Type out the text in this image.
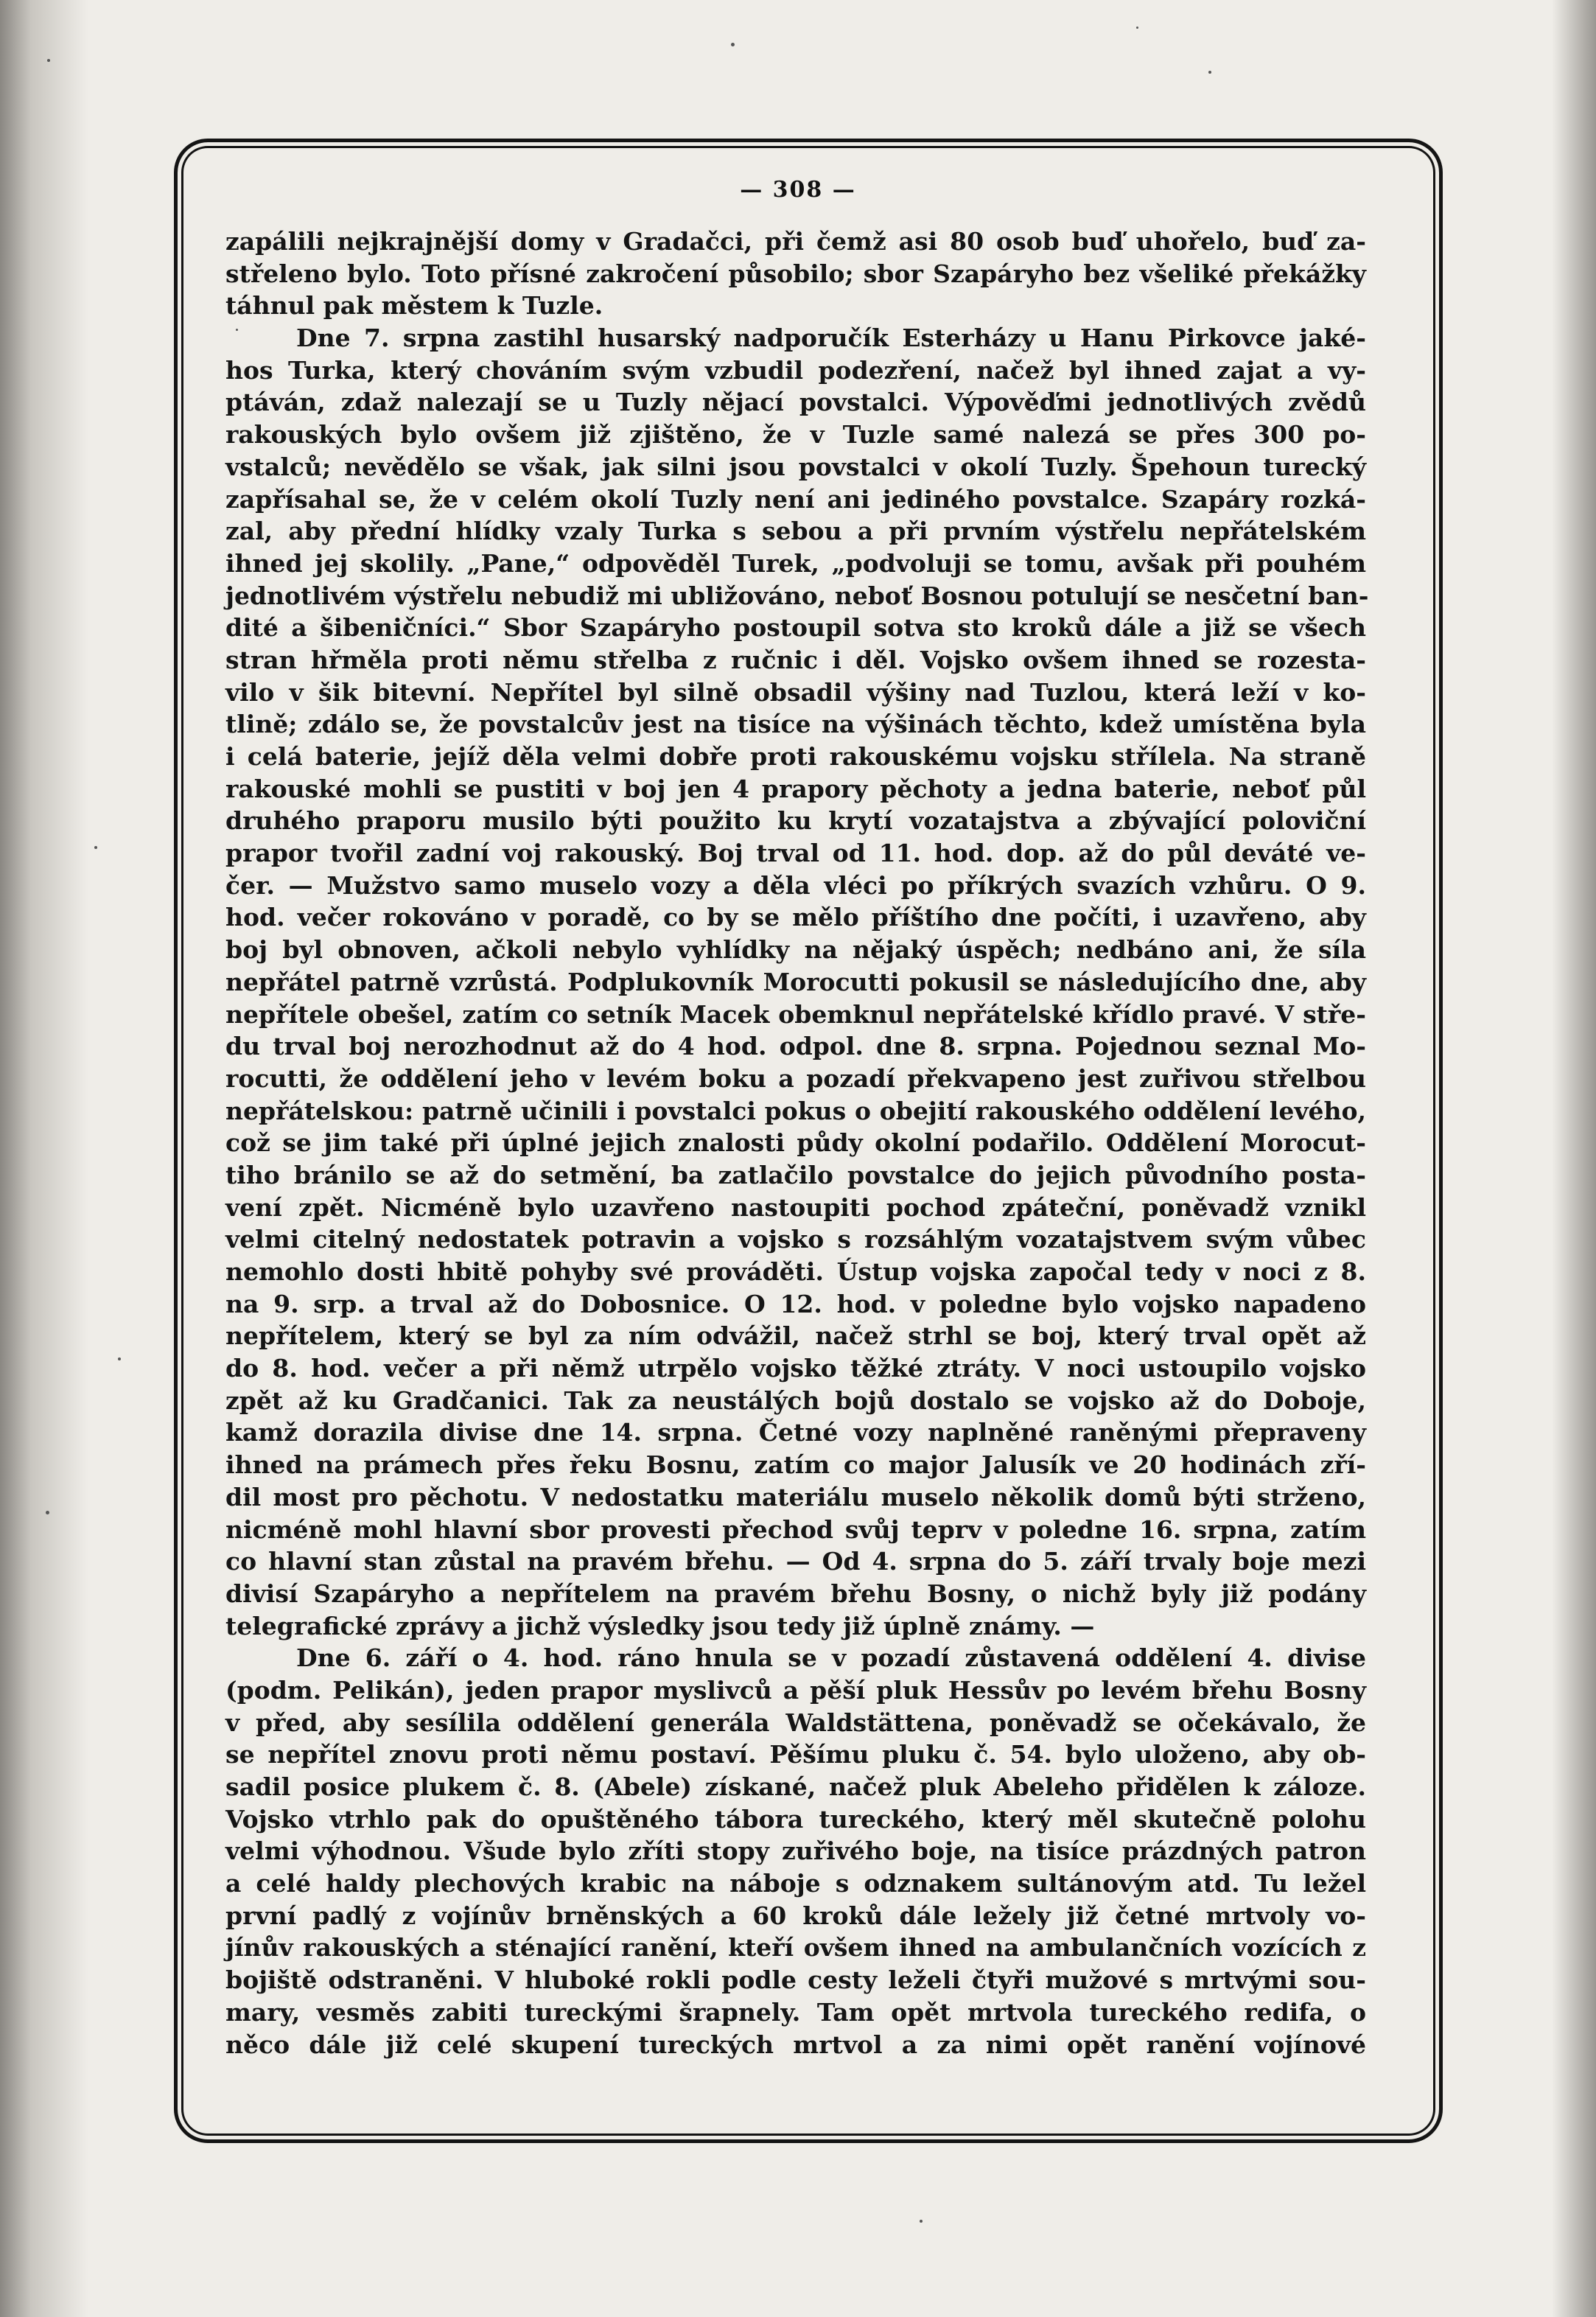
— 308 —
zapálili nejkrajnější domy v Gradačci, při čemž asi 80 osob buď uhořelo, buď za-
střeleno bylo. Toto přísné zakročení působilo; sbor Szapáryho bez všeliké překážky
táhnul pak městem k Tuzle.
Dne 7. srpna zastihl husarský nadporučík Esterházy u Hanu Pirkovce jaké-
hos Turka, který chováním svým vzbudil podezření, načež byl ihned zajat a vy-
ptáván, zdaž nalezají se u Tuzly nějací povstalci. Výpověďmi jednotlivých zvědů
rakouských bylo ovšem již zjištěno, že v Tuzle samé nalezá se přes 300 po-
vstalců; nevědělo se však, jak silni jsou povstalci v okolí Tuzly. Špehoun turecký
zapřísahal se, že v celém okolí Tuzly není ani jediného povstalce. Szapáry rozká-
zal, aby přední hlídky vzaly Turka s sebou a při prvním výstřelu nepřátelském
ihned jej skolily. „Pane,“ odpověděl Turek, „podvoluji se tomu, avšak při pouhém
jednotlivém výstřelu nebudiž mi ubližováno, neboť Bosnou potulují se nesčetní ban-
dité a šibeničníci.“ Sbor Szapáryho postoupil sotva sto kroků dále a již se všech
stran hřměla proti němu střelba z ručnic i děl. Vojsko ovšem ihned se rozesta-
vilo v šik bitevní. Nepřítel byl silně obsadil výšiny nad Tuzlou, která leží v ko-
tlině; zdálo se, že povstalcův jest na tisíce na výšinách těchto, kdež umístěna byla
i celá baterie, jejíž děla velmi dobře proti rakouskému vojsku střílela. Na straně
rakouské mohli se pustiti v boj jen 4 prapory pěchoty a jedna baterie, neboť půl
druhého praporu musilo býti použito ku krytí vozatajstva a zbývající poloviční
prapor tvořil zadní voj rakouský. Boj trval od 11. hod. dop. až do půl deváté ve-
čer. — Mužstvo samo muselo vozy a děla vléci po příkrých svazích vzhůru. O 9.
hod. večer rokováno v poradě, co by se mělo příštího dne počíti, i uzavřeno, aby
boj byl obnoven, ačkoli nebylo vyhlídky na nějaký úspěch; nedbáno ani, že síla
nepřátel patrně vzrůstá. Podplukovník Morocutti pokusil se následujícího dne, aby
nepřítele obešel, zatím co setník Macek obemknul nepřátelské křídlo pravé. V stře-
du trval boj nerozhodnut až do 4 hod. odpol. dne 8. srpna. Pojednou seznal Mo-
rocutti, že oddělení jeho v levém boku a pozadí překvapeno jest zuřivou střelbou
nepřátelskou: patrně učinili i povstalci pokus o obejití rakouského oddělení levého,
což se jim také při úplné jejich znalosti půdy okolní podařilo. Oddělení Morocut-
tiho bránilo se až do setmění, ba zatlačilo povstalce do jejich původního posta-
vení zpět. Nicméně bylo uzavřeno nastoupiti pochod zpáteční, poněvadž vznikl
velmi citelný nedostatek potravin a vojsko s rozsáhlým vozatajstvem svým vůbec
nemohlo dosti hbitě pohyby své prováděti. Ústup vojska započal tedy v noci z 8.
na 9. srp. a trval až do Dobosnice. O 12. hod. v poledne bylo vojsko napadeno
nepřítelem, který se byl za ním odvážil, načež strhl se boj, který trval opět až
do 8. hod. večer a při němž utrpělo vojsko těžké ztráty. V noci ustoupilo vojsko
zpět až ku Gradčanici. Tak za neustálých bojů dostalo se vojsko až do Doboje,
kamž dorazila divise dne 14. srpna. Četné vozy naplněné raněnými přepraveny
ihned na prámech přes řeku Bosnu, zatím co major Jalusík ve 20 hodinách zří-
dil most pro pěchotu. V nedostatku materiálu muselo několik domů býti strženo,
nicméně mohl hlavní sbor provesti přechod svůj teprv v poledne 16. srpna, zatím
co hlavní stan zůstal na pravém břehu. — Od 4. srpna do 5. září trvaly boje mezi
divisí Szapáryho a nepřítelem na pravém břehu Bosny, o nichž byly již podány
telegrafické zprávy a jichž výsledky jsou tedy již úplně známy. —
Dne 6. září o 4. hod. ráno hnula se v pozadí zůstavená oddělení 4. divise
(podm. Pelikán), jeden prapor myslivců a pěší pluk Hessův po levém břehu Bosny
v před, aby sesílila oddělení generála Waldstättena, poněvadž se očekávalo, že
se nepřítel znovu proti němu postaví. Pěšímu pluku č. 54. bylo uloženo, aby ob-
sadil posice plukem č. 8. (Abele) získané, načež pluk Abeleho přidělen k záloze.
Vojsko vtrhlo pak do opuštěného tábora tureckého, který měl skutečně polohu
velmi výhodnou. Všude bylo zříti stopy zuřivého boje, na tisíce prázdných patron
a celé haldy plechových krabic na náboje s odznakem sultánovým atd. Tu ležel
první padlý z vojínův brněnských a 60 kroků dále ležely již četné mrtvoly vo-
jínův rakouských a sténající ranění, kteří ovšem ihned na ambulančních vozících z
bojiště odstraněni. V hluboké rokli podle cesty leželi čtyři mužové s mrtvými sou-
mary, vesměs zabiti tureckými šrapnely. Tam opět mrtvola tureckého redifa, o
něco dále již celé skupení tureckých mrtvol a za nimi opět ranění vojínové
